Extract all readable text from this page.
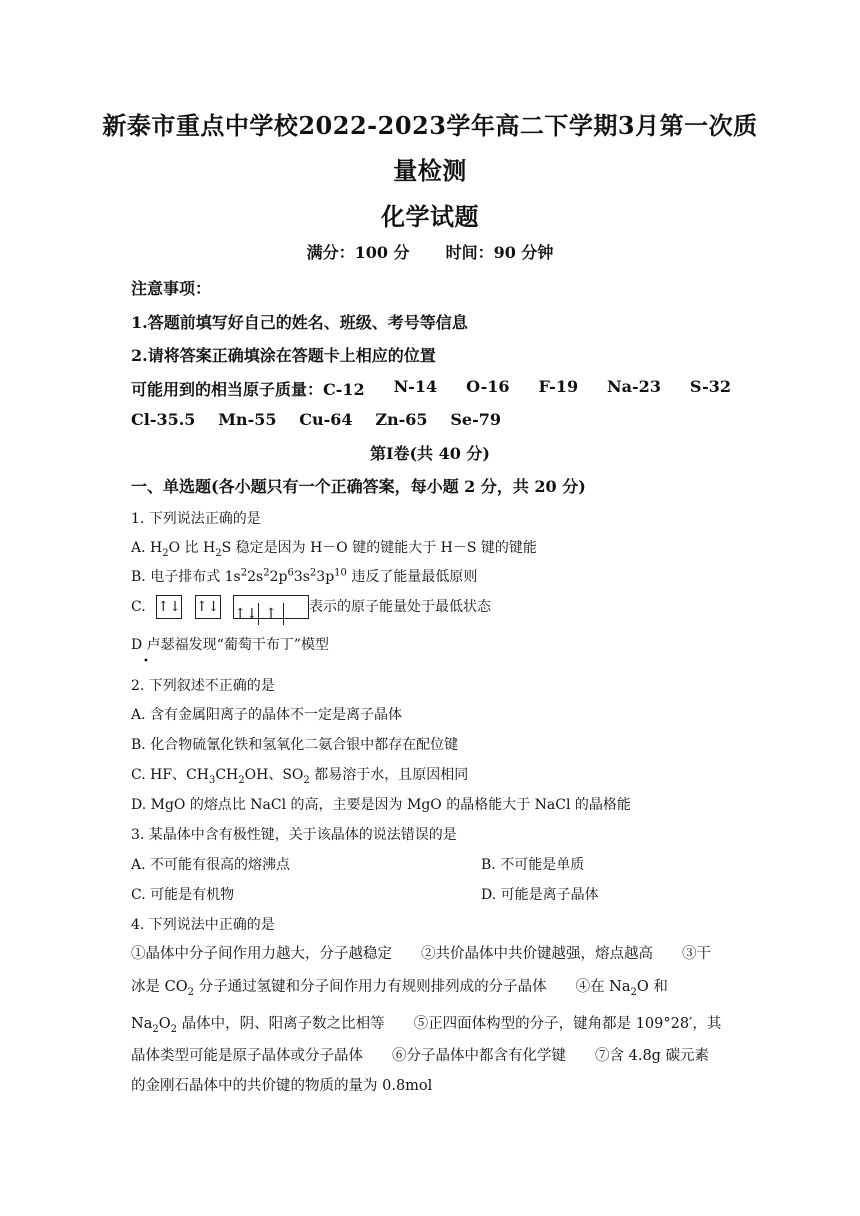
新泰市重点中学校2022-2023学年高二下学期3月第一次质
量检测
化学试题
满分：100 分 时间：90 分钟
注意事项：
1.答题前填写好自己的姓名、班级、考号等信息
2.请将答案正确填涂在答题卡上相应的位置
可能用到的相当原子质量：C-12 N-14 O-16 F-19 Na-23 S-32
Cl-35.5 Mn-55 Cu-64 Zn-65 Se-79
第I卷(共 40 分)
一、单选题(各小题只有一个正确答案，每小题 2 分，共 20 分)
1. 下列说法正确的是
A. $H_2O$ 比 $H_2S$ 稳定是因为 H－O 键的键能大于 H－S 键的键能
B. 电子排布式 $1s^22s^22p^63s^23p^{10}$ 违反了能量最低原则
C. ↑↓ ↑↓ ↑↓ ↑ 表示的原子能量处于最低状态
D 卢瑟福发现“葡萄干布丁”模型
•
2. 下列叙述不正确的是
A. 含有金属阳离子的晶体不一定是离子晶体
B. 化合物硫氰化铁和氢氧化二氨合银中都存在配位键
C. HF、$CH_3CH_2OH$、$SO_2$ 都易溶于水，且原因相同
D. MgO 的熔点比 NaCl 的高，主要是因为 MgO 的晶格能大于 NaCl 的晶格能
3. 某晶体中含有极性键，关于该晶体的说法错误的是
A. 不可能有很高的熔沸点	B. 不可能是单质
C. 可能是有机物	D. 可能是离子晶体
4. 下列说法中正确的是
①晶体中分子间作用力越大，分子越稳定　　②共价晶体中共价键越强，熔点越高　　③干
冰是 $CO_2$ 分子通过氢键和分子间作用力有规则排列成的分子晶体　　④在 $Na_2O$ 和
$Na_2O_2$ 晶体中，阴、阳离子数之比相等　　⑤正四面体构型的分子，键角都是 109°28′，其
晶体类型可能是原子晶体或分子晶体　　⑥分子晶体中都含有化学键　　⑦含 4.8g 碳元素
的金刚石晶体中的共价键的物质的量为 0.8mol
